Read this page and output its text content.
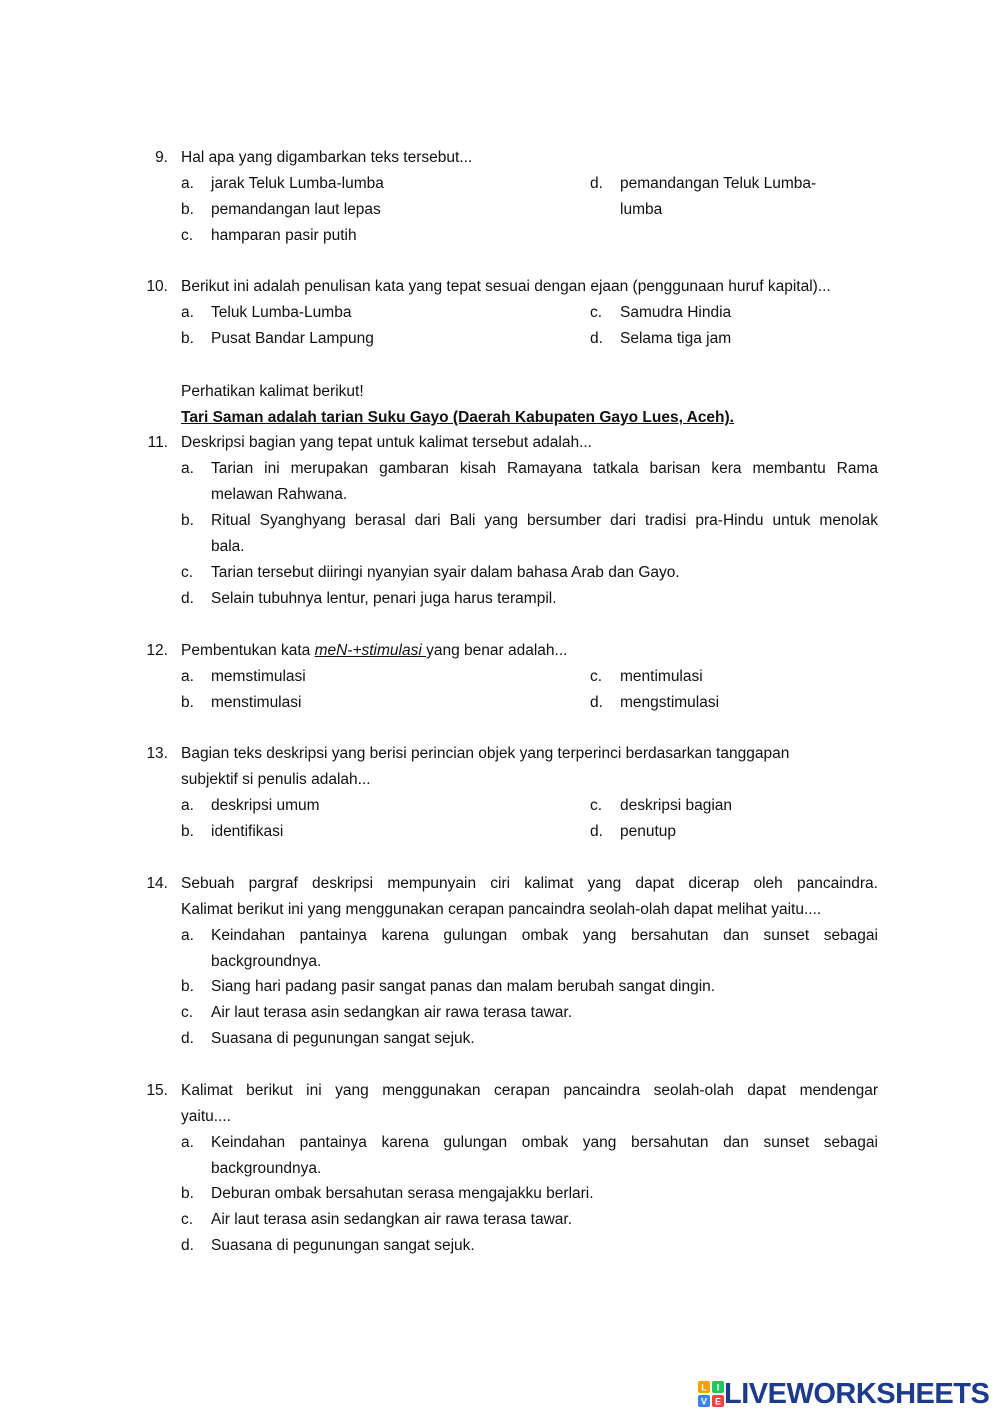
9. Hal apa yang digambarkan teks tersebut...
a. jarak Teluk Lumba-lumba
b. pemandangan laut lepas
c. hamparan pasir putih
d. pemandangan Teluk Lumba-
lumba
10. Berikut ini adalah penulisan kata yang tepat sesuai dengan ejaan (penggunaan huruf kapital)...
a. Teluk Lumba-Lumba
b. Pusat Bandar Lampung
c. Samudra Hindia
d. Selama tiga jam
Perhatikan kalimat berikut!
Tari Saman adalah tarian Suku Gayo (Daerah Kabupaten Gayo Lues, Aceh).
11. Deskripsi bagian yang tepat untuk kalimat tersebut adalah...
a. Tarian ini merupakan gambaran kisah Ramayana tatkala barisan kera membantu Rama
melawan Rahwana.
b. Ritual Syanghyang berasal dari Bali yang bersumber dari tradisi pra-Hindu untuk menolak
bala.
c. Tarian tersebut diiringi nyanyian syair dalam bahasa Arab dan Gayo.
d. Selain tubuhnya lentur, penari juga harus terampil.
12. Pembentukan kata meN-+stimulasi yang benar adalah...
a. memstimulasi
b. menstimulasi
c. mentimulasi
d. mengstimulasi
13. Bagian teks deskripsi yang berisi perincian objek yang terperinci berdasarkan tanggapan
subjektif si penulis adalah...
a. deskripsi umum
b. identifikasi
c. deskripsi bagian
d. penutup
14. Sebuah pargraf deskripsi mempunyain ciri kalimat yang dapat dicerap oleh pancaindra.
Kalimat berikut ini yang menggunakan cerapan pancaindra seolah-olah dapat melihat yaitu....
a. Keindahan pantainya karena gulungan ombak yang bersahutan dan sunset sebagai
backgroundnya.
b. Siang hari padang pasir sangat panas dan malam berubah sangat dingin.
c. Air laut terasa asin sedangkan air rawa terasa tawar.
d. Suasana di pegunungan sangat sejuk.
15. Kalimat berikut ini yang menggunakan cerapan pancaindra seolah-olah dapat mendengar
yaitu....
a. Keindahan pantainya karena gulungan ombak yang bersahutan dan sunset sebagai
backgroundnya.
b. Deburan ombak bersahutan serasa mengajakku berlari.
c. Air laut terasa asin sedangkan air rawa terasa tawar.
d. Suasana di pegunungan sangat sejuk.
L I
V E LIVEWORKSHEETS
